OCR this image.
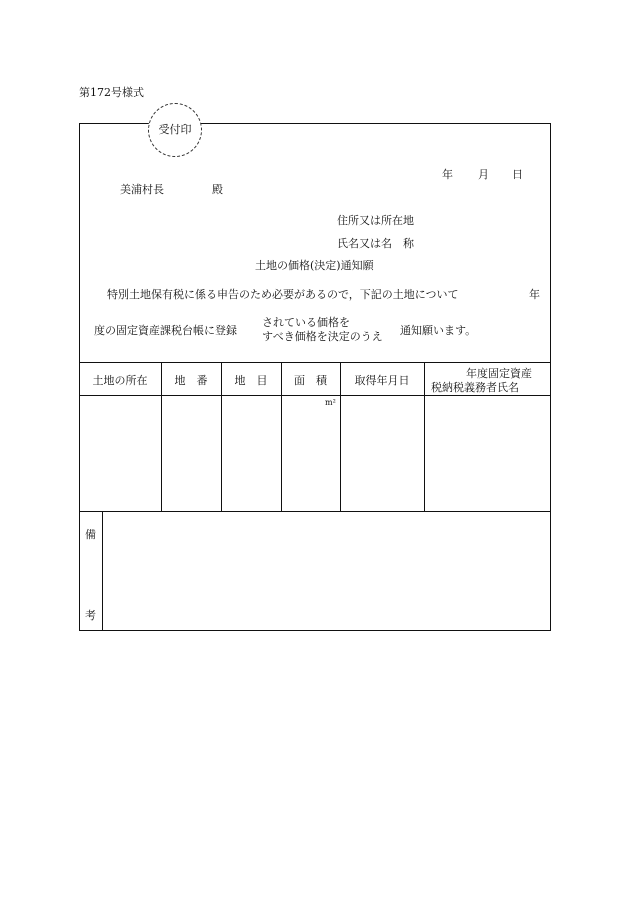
第172号様式
受付印
年 月 日
美浦村長	殿
住所又は所在地
氏名又は名　称
土地の価格(決定)通知願
特別土地保有税に係る申告のため必要があるので，下記の土地について	年
度の固定資産課税台帳に登録
されている価格を
すべき価格を決定のうえ 通知願います。
土地の所在	地　番	地　目	面　積	取得年月日
年度固定資産
税納税義務者氏名
m²
備
考
